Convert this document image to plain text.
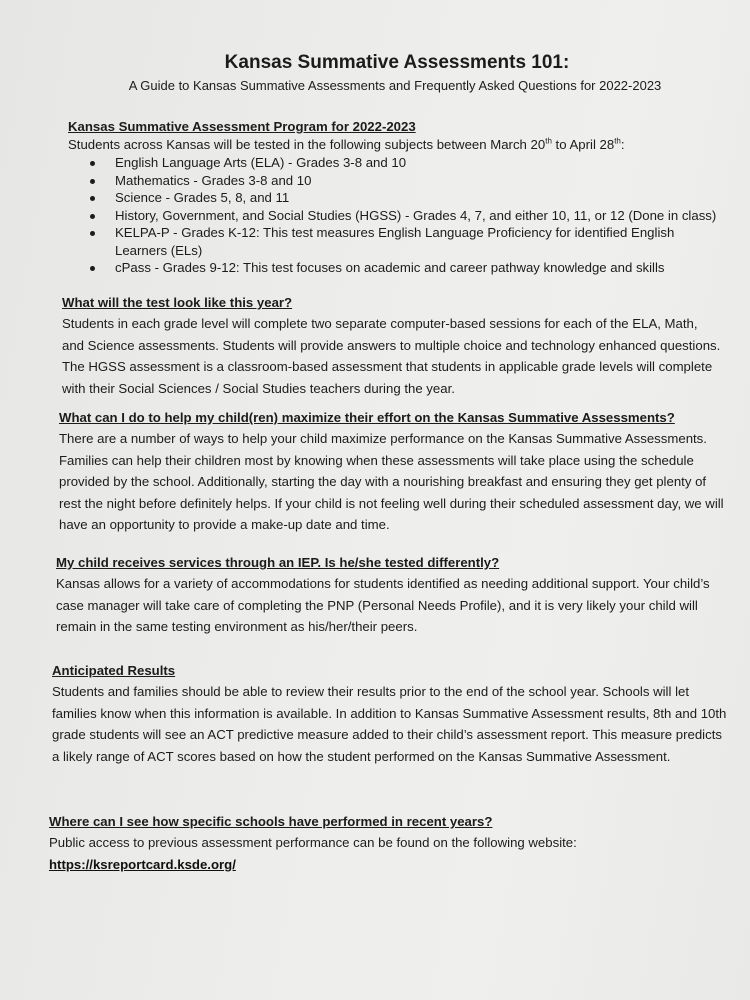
Kansas Summative Assessments 101:
A Guide to Kansas Summative Assessments and Frequently Asked Questions for 2022-2023
Kansas Summative Assessment Program for 2022-2023
Students across Kansas will be tested in the following subjects between March 20th to April 28th:
English Language Arts (ELA) - Grades 3-8 and 10
Mathematics - Grades 3-8 and 10
Science - Grades 5, 8, and 11
History, Government, and Social Studies (HGSS) - Grades 4, 7, and either 10, 11, or 12 (Done in class)
KELPA-P - Grades K-12: This test measures English Language Proficiency for identified English Learners (ELs)
cPass - Grades 9-12: This test focuses on academic and career pathway knowledge and skills
What will the test look like this year?
Students in each grade level will complete two separate computer-based sessions for each of the ELA, Math, and Science assessments. Students will provide answers to multiple choice and technology enhanced questions. The HGSS assessment is a classroom-based assessment that students in applicable grade levels will complete with their Social Sciences / Social Studies teachers during the year.
What can I do to help my child(ren) maximize their effort on the Kansas Summative Assessments?
There are a number of ways to help your child maximize performance on the Kansas Summative Assessments. Families can help their children most by knowing when these assessments will take place using the schedule provided by the school. Additionally, starting the day with a nourishing breakfast and ensuring they get plenty of rest the night before definitely helps. If your child is not feeling well during their scheduled assessment day, we will have an opportunity to provide a make-up date and time.
My child receives services through an IEP. Is he/she tested differently?
Kansas allows for a variety of accommodations for students identified as needing additional support. Your child’s case manager will take care of completing the PNP (Personal Needs Profile), and it is very likely your child will remain in the same testing environment as his/her/their peers.
Anticipated Results
Students and families should be able to review their results prior to the end of the school year. Schools will let families know when this information is available. In addition to Kansas Summative Assessment results, 8th and 10th grade students will see an ACT predictive measure added to their child’s assessment report. This measure predicts a likely range of ACT scores based on how the student performed on the Kansas Summative Assessment.
Where can I see how specific schools have performed in recent years?
Public access to previous assessment performance can be found on the following website:
https://ksreportcard.ksde.org/
